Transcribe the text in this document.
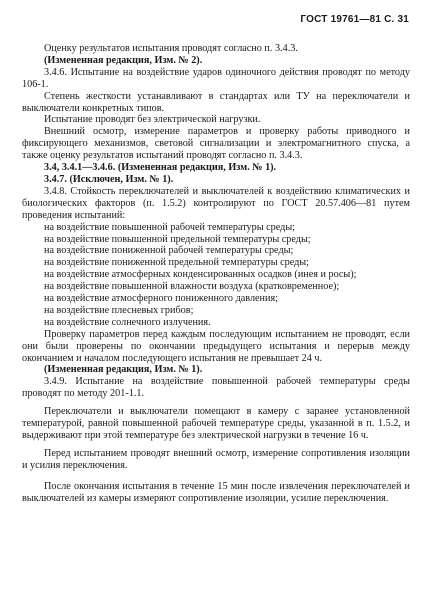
ГОСТ 19761—81 С. 31

Оценку результатов испытания проводят согласно п. 3.4.3.

(Измененная редакция, Изм. № 2).

3.4.6. Испытание на воздействие ударов одиночного действия проводят по методу 106-1.

Степень жесткости устанавливают в стандартах или ТУ на переключатели и выключатели конкретных типов.

Испытание проводят без электрической нагрузки.

Внешний осмотр, измерение параметров и проверку работы приводного и фиксирующего механизмов, световой сигнализации и электромагнитного спуска, а также оценку результатов испытаний проводят согласно п. 3.4.3.

3.4, 3.4.1—3.4.6. (Измененная редакция, Изм. № 1).

3.4.7. (Исключен, Изм. № 1).

3.4.8. Стойкость переключателей и выключателей к воздействию климатических и биологических факторов (п. 1.5.2) контролируют по ГОСТ 20.57.406—81 путем проведения испытаний:

на воздействие повышенной рабочей температуры среды;

на воздействие повышенной предельной температуры среды;

на воздействие пониженной рабочей температуры среды;

на воздействие пониженной предельной температуры среды;

на воздействие атмосферных конденсированных осадков (инея и росы);

на воздействие повышенной влажности воздуха (кратковременное);

на воздействие атмосферного пониженного давления;

на воздействие плесневых грибов;

на воздействие солнечного излучения.

Проверку параметров перед каждым последующим испытанием не проводят, если они были проверены по окончании предыдущего испытания и перерыв между окончанием и началом последующего испытания не превышает 24 ч.

(Измененная редакция, Изм. № 1).

3.4.9. Испытание на воздействие повышенной рабочей температуры среды проводят по методу 201-1.1.

Переключатели и выключатели помещают в камеру с заранее установленной температурой, равной повышенной рабочей температуре среды, указанной в п. 1.5.2, и выдерживают при этой температуре без электрической нагрузки в течение 16 ч.

Перед испытанием проводят внешний осмотр, измерение сопротивления изоляции и усилия переключения.

После окончания испытания в течение 15 мин после извлечения переключателей и выключателей из камеры измеряют сопротивление изоляции, усилие переключения.
